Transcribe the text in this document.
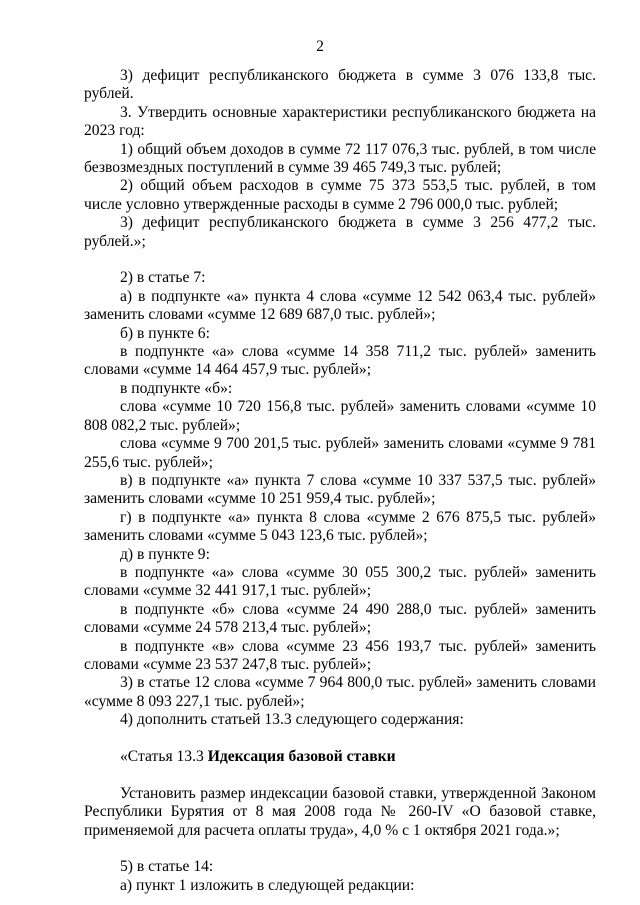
2

3) дефицит республиканского бюджета в сумме 3 076 133,8 тыс. рублей.

3. Утвердить основные характеристики республиканского бюджета на 2023 год:

1) общий объем доходов в сумме 72 117 076,3 тыс. рублей, в том числе безвозмездных поступлений в сумме 39 465 749,3 тыс. рублей;

2) общий объем расходов в сумме 75 373 553,5 тыс. рублей, в том числе условно утвержденные расходы в сумме 2 796 000,0 тыс. рублей;

3) дефицит республиканского бюджета в сумме 3 256 477,2 тыс. рублей.»;

2) в статье 7:

а) в подпункте «а» пункта 4 слова «сумме 12 542 063,4 тыс. рублей» заменить словами «сумме 12 689 687,0 тыс. рублей»;

б) в пункте 6:

в подпункте «а» слова «сумме 14 358 711,2 тыс. рублей» заменить словами «сумме 14 464 457,9 тыс. рублей»;

в подпункте «б»:

слова «сумме 10 720 156,8 тыс. рублей» заменить словами «сумме 10 808 082,2 тыс. рублей»;

слова «сумме 9 700 201,5 тыс. рублей» заменить словами «сумме 9 781 255,6 тыс. рублей»;

в) в подпункте «а» пункта 7 слова «сумме 10 337 537,5 тыс. рублей» заменить словами «сумме 10 251 959,4 тыс. рублей»;

г) в подпункте «а» пункта 8 слова «сумме 2 676 875,5 тыс. рублей» заменить словами «сумме 5 043 123,6 тыс. рублей»;

д) в пункте 9:

в подпункте «а» слова «сумме 30 055 300,2 тыс. рублей» заменить словами «сумме 32 441 917,1 тыс. рублей»;

в подпункте «б» слова «сумме 24 490 288,0 тыс. рублей» заменить словами «сумме 24 578 213,4 тыс. рублей»;

в подпункте «в» слова «сумме 23 456 193,7 тыс. рублей» заменить словами «сумме 23 537 247,8 тыс. рублей»;

3) в статье 12 слова «сумме 7 964 800,0 тыс. рублей» заменить словами «сумме 8 093 227,1 тыс. рублей»;

4) дополнить статьей 13.3 следующего содержания:

«Статья 13.3 Идексация базовой ставки

Установить размер индексации базовой ставки, утвержденной Законом Республики Бурятия от 8 мая 2008 года № 260-IV «О базовой ставке, применяемой для расчета оплаты труда», 4,0 % с 1 октября 2021 года.»;

5) в статье 14:

а) пункт 1 изложить в следующей редакции:
